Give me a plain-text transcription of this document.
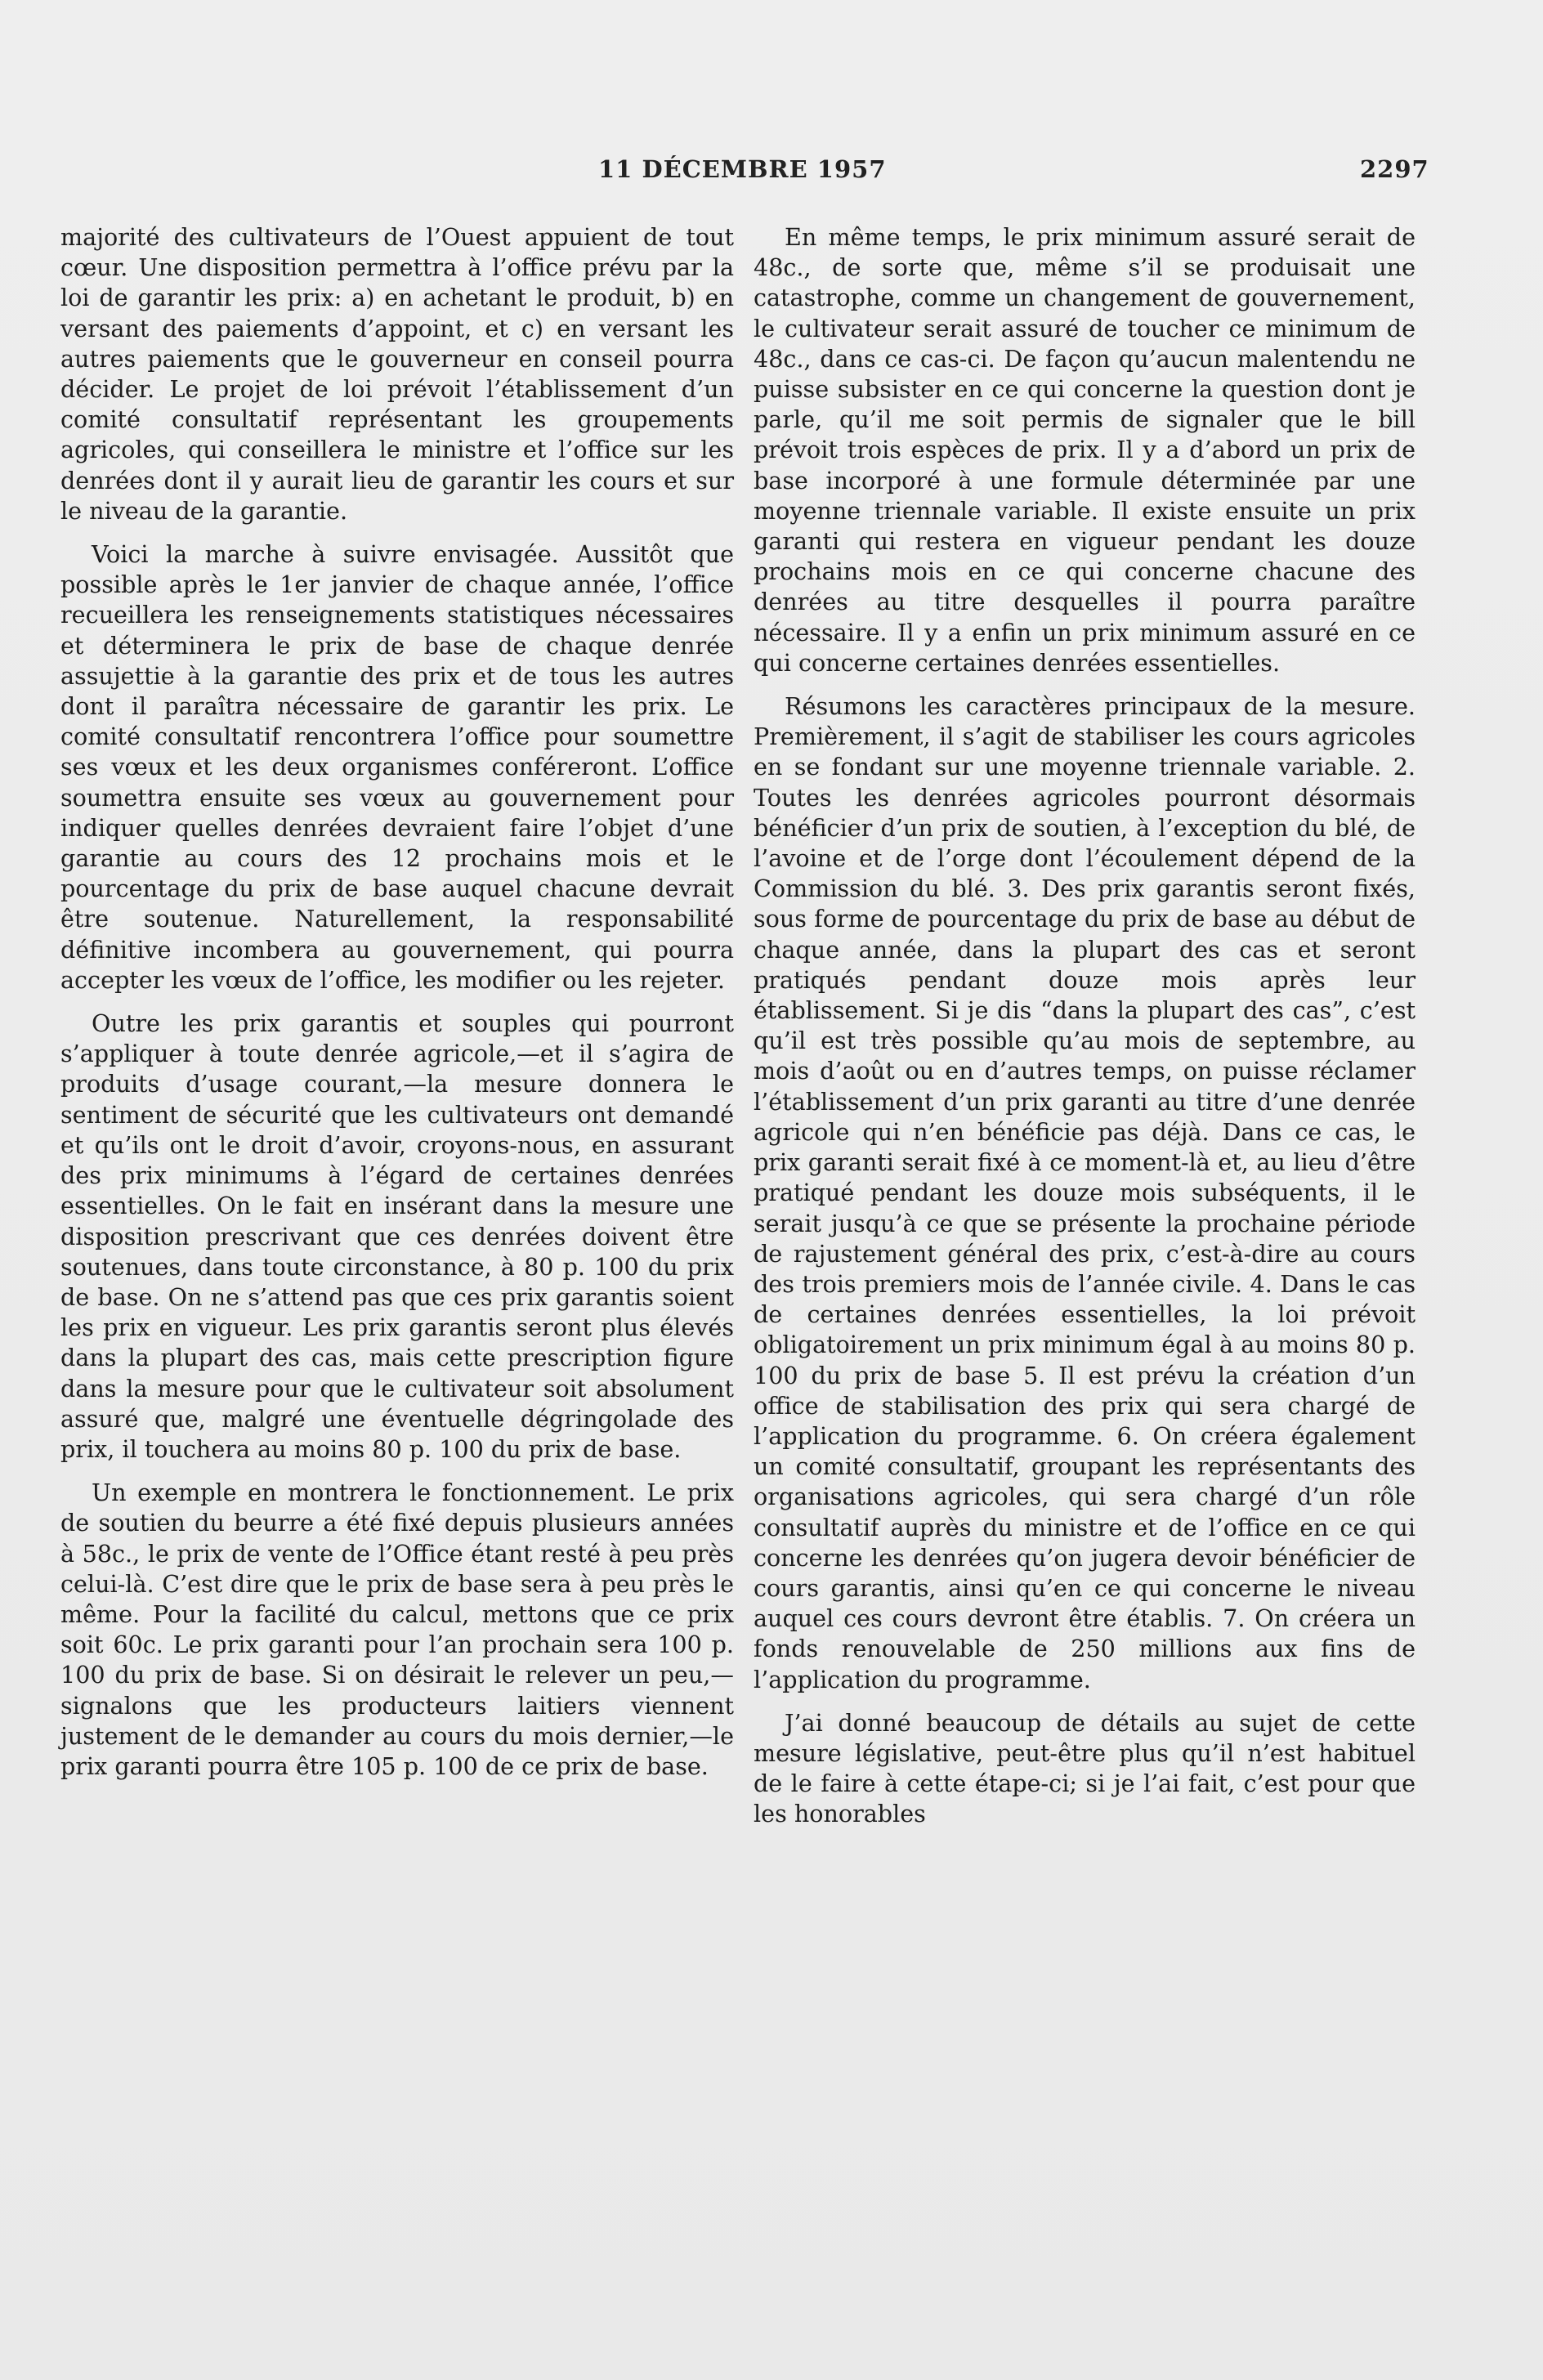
11 DÉCEMBRE 1957	2297

majorité des cultivateurs de l’Ouest appuient de tout cœur. Une disposition permettra à l’office prévu par la loi de garantir les prix: a) en achetant le produit, b) en versant des paiements d’appoint, et c) en versant les autres paiements que le gouverneur en conseil pourra décider. Le projet de loi prévoit l’établissement d’un comité consultatif représentant les groupements agricoles, qui conseillera le ministre et l’office sur les denrées dont il y aurait lieu de garantir les cours et sur le niveau de la garantie.

Voici la marche à suivre envisagée. Aussitôt que possible après le 1er janvier de chaque année, l’office recueillera les renseignements statistiques nécessaires et déterminera le prix de base de chaque denrée assujettie à la garantie des prix et de tous les autres dont il paraîtra nécessaire de garantir les prix. Le comité consultatif rencontrera l’office pour soumettre ses vœux et les deux organismes conféreront. L’office soumettra ensuite ses vœux au gouvernement pour indiquer quelles denrées devraient faire l’objet d’une garantie au cours des 12 prochains mois et le pourcentage du prix de base auquel chacune devrait être soutenue. Naturellement, la responsabilité définitive incombera au gouvernement, qui pourra accepter les vœux de l’office, les modifier ou les rejeter.

Outre les prix garantis et souples qui pourront s’appliquer à toute denrée agricole,—et il s’agira de produits d’usage courant,—la mesure donnera le sentiment de sécurité que les cultivateurs ont demandé et qu’ils ont le droit d’avoir, croyons-nous, en assurant des prix minimums à l’égard de certaines denrées essentielles. On le fait en insérant dans la mesure une disposition prescrivant que ces denrées doivent être soutenues, dans toute circonstance, à 80 p. 100 du prix de base. On ne s’attend pas que ces prix garantis soient les prix en vigueur. Les prix garantis seront plus élevés dans la plupart des cas, mais cette prescription figure dans la mesure pour que le cultivateur soit absolument assuré que, malgré une éventuelle dégringolade des prix, il touchera au moins 80 p. 100 du prix de base.

Un exemple en montrera le fonctionnement. Le prix de soutien du beurre a été fixé depuis plusieurs années à 58c., le prix de vente de l’Office étant resté à peu près celui-là. C’est dire que le prix de base sera à peu près le même. Pour la facilité du calcul, mettons que ce prix soit 60c. Le prix garanti pour l’an prochain sera 100 p. 100 du prix de base. Si on désirait le relever un peu,—signalons que les producteurs laitiers viennent justement de le demander au cours du mois dernier,—le prix garanti pourra être 105 p. 100 de ce prix de base.

En même temps, le prix minimum assuré serait de 48c., de sorte que, même s’il se produisait une catastrophe, comme un changement de gouvernement, le cultivateur serait assuré de toucher ce minimum de 48c., dans ce cas-ci. De façon qu’aucun malentendu ne puisse subsister en ce qui concerne la question dont je parle, qu’il me soit permis de signaler que le bill prévoit trois espèces de prix. Il y a d’abord un prix de base incorporé à une formule déterminée par une moyenne triennale variable. Il existe ensuite un prix garanti qui restera en vigueur pendant les douze prochains mois en ce qui concerne chacune des denrées au titre desquelles il pourra paraître nécessaire. Il y a enfin un prix minimum assuré en ce qui concerne certaines denrées essentielles.

Résumons les caractères principaux de la mesure. Premièrement, il s’agit de stabiliser les cours agricoles en se fondant sur une moyenne triennale variable. 2. Toutes les denrées agricoles pourront désormais bénéficier d’un prix de soutien, à l’exception du blé, de l’avoine et de l’orge dont l’écoulement dépend de la Commission du blé. 3. Des prix garantis seront fixés, sous forme de pourcentage du prix de base au début de chaque année, dans la plupart des cas et seront pratiqués pendant douze mois après leur établissement. Si je dis “dans la plupart des cas”, c’est qu’il est très possible qu’au mois de septembre, au mois d’août ou en d’autres temps, on puisse réclamer l’établissement d’un prix garanti au titre d’une denrée agricole qui n’en bénéficie pas déjà. Dans ce cas, le prix garanti serait fixé à ce moment-là et, au lieu d’être pratiqué pendant les douze mois subséquents, il le serait jusqu’à ce que se présente la prochaine période de rajustement général des prix, c’est-à-dire au cours des trois premiers mois de l’année civile. 4. Dans le cas de certaines denrées essentielles, la loi prévoit obligatoirement un prix minimum égal à au moins 80 p. 100 du prix de base 5. Il est prévu la création d’un office de stabilisation des prix qui sera chargé de l’application du programme. 6. On créera également un comité consultatif, groupant les représentants des organisations agricoles, qui sera chargé d’un rôle consultatif auprès du ministre et de l’office en ce qui concerne les denrées qu’on jugera devoir bénéficier de cours garantis, ainsi qu’en ce qui concerne le niveau auquel ces cours devront être établis. 7. On créera un fonds renouvelable de 250 millions aux fins de l’application du programme.

J’ai donné beaucoup de détails au sujet de cette mesure législative, peut-être plus qu’il n’est habituel de le faire à cette étape-ci; si je l’ai fait, c’est pour que les honorables
